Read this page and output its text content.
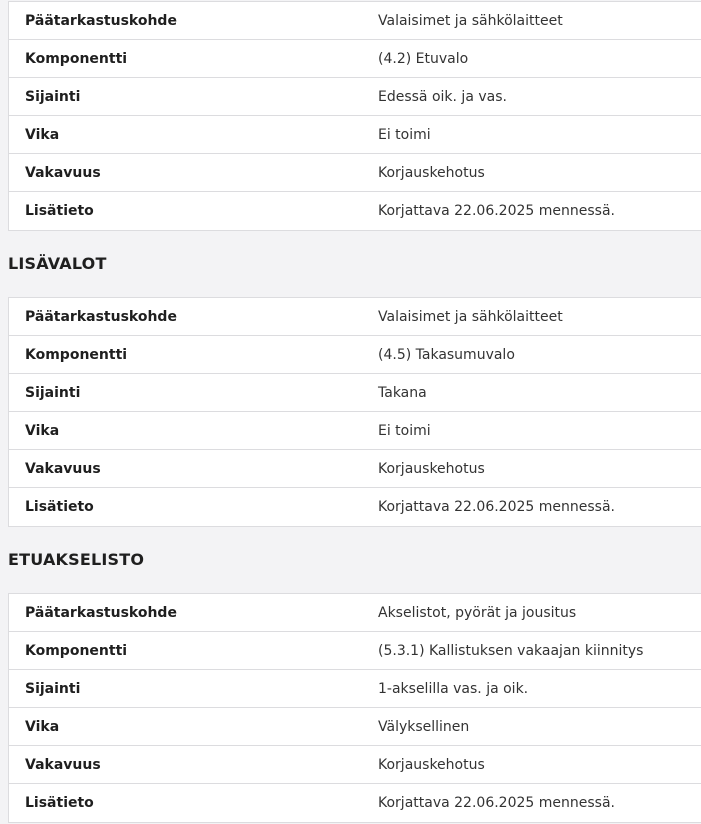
Päätarkastuskohde	Valaisimet ja sähkölaitteet
Komponentti	(4.2) Etuvalo
Sijainti	Edessä oik. ja vas.
Vika	Ei toimi
Vakavuus	Korjauskehotus
Lisätieto	Korjattava 22.06.2025 mennessä.
LISÄVALOT
Päätarkastuskohde	Valaisimet ja sähkölaitteet
Komponentti	(4.5) Takasumuvalo
Sijainti	Takana
Vika	Ei toimi
Vakavuus	Korjauskehotus
Lisätieto	Korjattava 22.06.2025 mennessä.
ETUAKSELISTO
Päätarkastuskohde	Akselistot, pyörät ja jousitus
Komponentti	(5.3.1) Kallistuksen vakaajan kiinnitys
Sijainti	1-akselilla vas. ja oik.
Vika	Välyksellinen
Vakavuus	Korjauskehotus
Lisätieto	Korjattava 22.06.2025 mennessä.
